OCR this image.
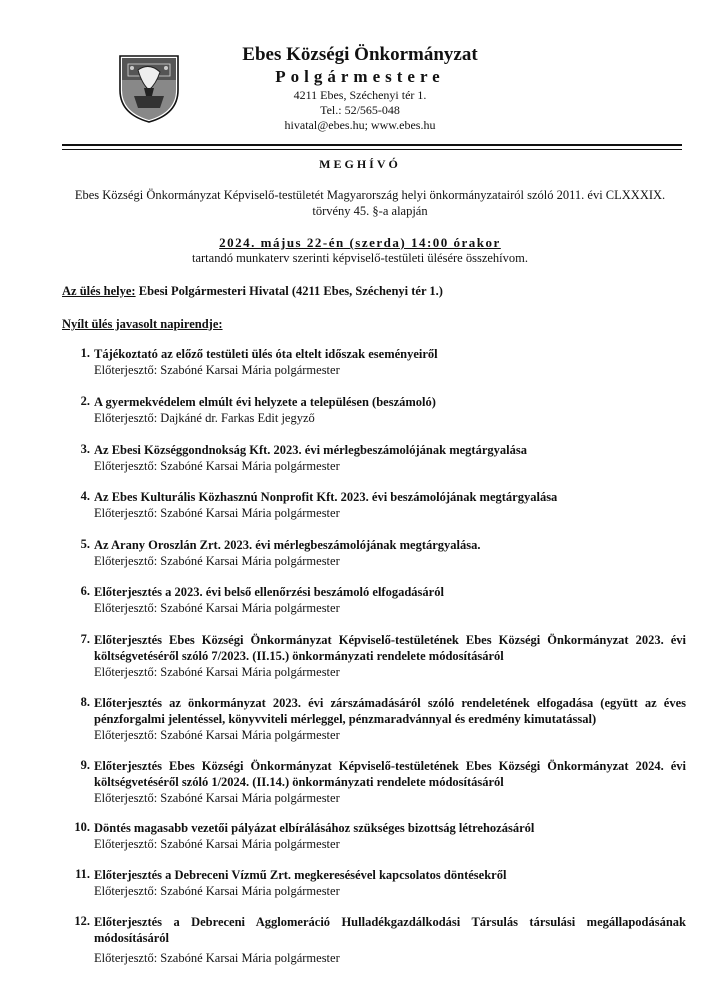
Ebes Községi Önkormányzat
Polgármestere
4211 Ebes, Széchenyi tér 1.
Tel.: 52/565-048
hivatal@ebes.hu; www.ebes.hu
MEGHÍVÓ
Ebes Községi Önkormányzat Képviselő-testületét Magyarország helyi önkormányzatairól szóló 2011. évi CLXXXIX. törvény 45. §-a alapján
2024. május 22-én (szerda) 14:00 órakor
tartandó munkaterv szerinti képviselő-testületi ülésére összehívom.
Az ülés helye: Ebesi Polgármesteri Hivatal (4211 Ebes, Széchenyi tér 1.)
Nyílt ülés javasolt napirendje:
1. Tájékoztató az előző testületi ülés óta eltelt időszak eseményeiről
Előterjesztő: Szabóné Karsai Mária polgármester
2. A gyermekvédelem elmúlt évi helyzete a településen (beszámoló)
Előterjesztő: Dajkáné dr. Farkas Edit jegyző
3. Az Ebesi Községgondnokság Kft. 2023. évi mérlegbeszámolójának megtárgyalása
Előterjesztő: Szabóné Karsai Mária polgármester
4. Az Ebes Kulturális Közhasznú Nonprofit Kft. 2023. évi beszámolójának megtárgyalása
Előterjesztő: Szabóné Karsai Mária polgármester
5. Az Arany Oroszlán Zrt. 2023. évi mérlegbeszámolójának megtárgyalása.
Előterjesztő: Szabóné Karsai Mária polgármester
6. Előterjesztés a 2023. évi belső ellenőrzési beszámoló elfogadásáról
Előterjesztő: Szabóné Karsai Mária polgármester
7. Előterjesztés Ebes Községi Önkormányzat Képviselő-testületének Ebes Községi Önkormányzat 2023. évi költségvetéséről szóló 7/2023. (II.15.) önkormányzati rendelete módosításáról
Előterjesztő: Szabóné Karsai Mária polgármester
8. Előterjesztés az önkormányzat 2023. évi zárszámadásáról szóló rendeletének elfogadása (együtt az éves pénzforgalmi jelentéssel, könyvviteli mérleggel, pénzmaradvánnyal és eredmény kimutatással)
Előterjesztő: Szabóné Karsai Mária polgármester
9. Előterjesztés Ebes Községi Önkormányzat Képviselő-testületének Ebes Községi Önkormányzat 2024. évi költségvetéséről szóló 1/2024. (II.14.) önkormányzati rendelete módosításáról
Előterjesztő: Szabóné Karsai Mária polgármester
10. Döntés magasabb vezetői pályázat elbírálásához szükséges bizottság létrehozásáról
Előterjesztő: Szabóné Karsai Mária polgármester
11. Előterjesztés a Debreceni Vízmű Zrt. megkeresésével kapcsolatos döntésekről
Előterjesztő: Szabóné Karsai Mária polgármester
12. Előterjesztés a Debreceni Agglomeráció Hulladékgazdálkodási Társulás társulási megállapodásának módosításáról
Előterjesztő: Szabóné Karsai Mária polgármester
